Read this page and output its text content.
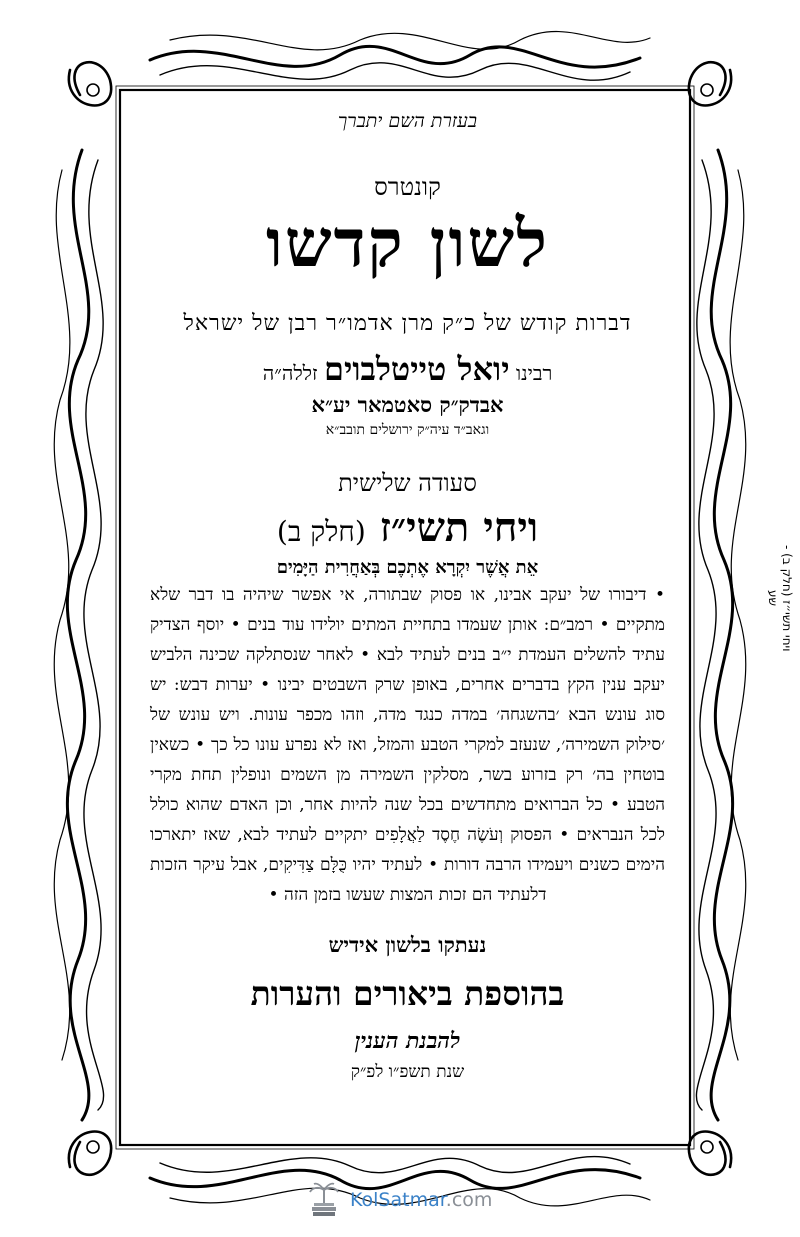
בעזרת השם יתברך
קונטרס
לשון קדשו
דברות קודש של כ״ק מרן אדמו״ר רבן של ישראל
רבינו יואל טייטלבוים זללה״ה
אבדק״ק סאטמאר יע״א
וגאב״ד עיה״ק ירושלים תובב״א
סעודה שלישית
ויחי תשי״ז (חלק ב)
אֵת אֲשֶׁר יִקְרָא אֶתְכֶם בְּאַחֲרִית הַיָּמִים
• דיבורו של יעקב אבינו, או פסוק שבתורה, אי אפשר שיהיה בו דבר שלא מתקיים • רמב״ם: אותן שעמדו בתחיית המתים יולידו עוד בנים • יוסף הצדיק עתיד להשלים העמדת י״ב בנים לעתיד לבא • לאחר שנסתלקה שכינה הלביש יעקב ענין הקץ בדברים אחרים, באופן שרק השבטים יבינו • יערות דבש: יש סוג עונש הבא ׳בהשגחה׳ במדה כנגד מדה, וזהו מכפר עונות. ויש עונש של ׳סילוק השמירה׳, שנעזב למקרי הטבע והמזל, ואז לא נפרע עונו כל כך • כשאין בוטחין בה׳ רק בזרוע בשר, מסלקין השמירה מן השמים ונופלין תחת מקרי הטבע • כל הברואים מתחדשים בכל שנה להיות אחר, וכן האדם שהוא כולל לכל הנבראים • הפסוק וְעֹשֶׂה חֶסֶד לַאֲלָפִים יתקיים לעתיד לבא, שאז יתארכו הימים כשנים ויעמידו הרבה דורות • לעתיד יהיו כֻּלָּם צַדִּיקִים, אבל עיקר הזכות דלעתיד הם זכות המצות שעשו בזמן הזה •
נעתקו בלשון אידיש
בהוספת ביאורים והערות
להבנת הענין
שנת תשפ״ו לפ״ק
ויחי תשי״ז (חלק ב) - שע
KolSatmar.com
